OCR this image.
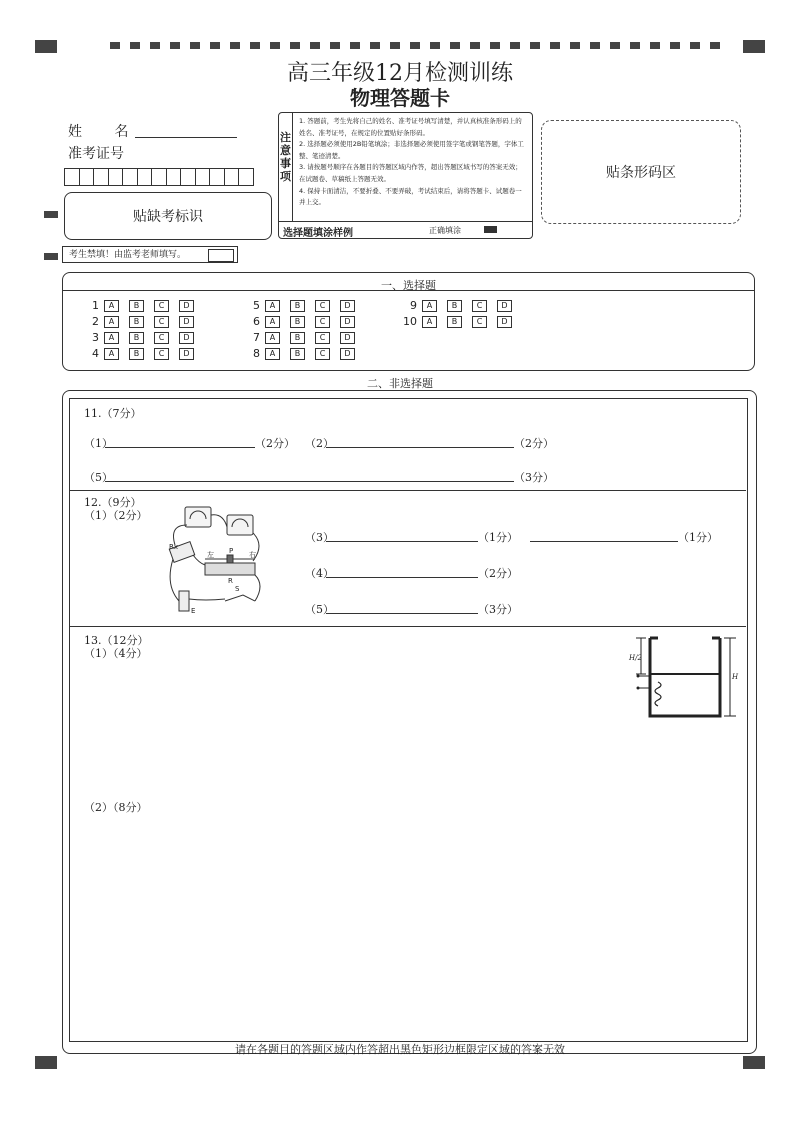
高三年级12月检测训练
物理答题卡
姓 名
准考证号
贴缺考标识
考生禁填！由监考老师填写。
注意事项
1. 答题前，考生先将自己的姓名、准考证号填写清楚，并认真核准条形码上的姓名、准考证号，在规定的位置贴好条形码。
2. 选择题必须使用2B铅笔填涂；非选择题必须使用签字笔或钢笔答题，字体工整、笔迹清楚。
3. 请按题号顺序在各题目的答题区域内作答，超出答题区域书写的答案无效；在试题卷、草稿纸上答题无效。
4. 保持卡面清洁，不要折叠、不要弄破，考试结束后，请将答题卡、试题卷一并上交。
选择题填涂样例	正确填涂
贴条形码区
一、选择题
1	A	B	C	D
2	A	B	C	D
3	A	B	C	D
4	A	B	C	D
5	A	B	C	D
6	A	B	C	D
7	A	B	C	D
8	A	B	C	D
9	A	B	C	D
10	A	B	C	D
二、非选择题
11.（7分）
（1）	（2分） （2）	（2分）
（5）	（3分）
12.（9分）
（1）（2分）
左 P 右
R
Rx
E
S
（3）	（1分）	（1分）
（4）	（2分）
（5）	（3分）
13.（12分）
（1）（4分）	H/2
H
（2）（8分）
请在各题目的答题区域内作答超出黑色矩形边框限定区域的答案无效
